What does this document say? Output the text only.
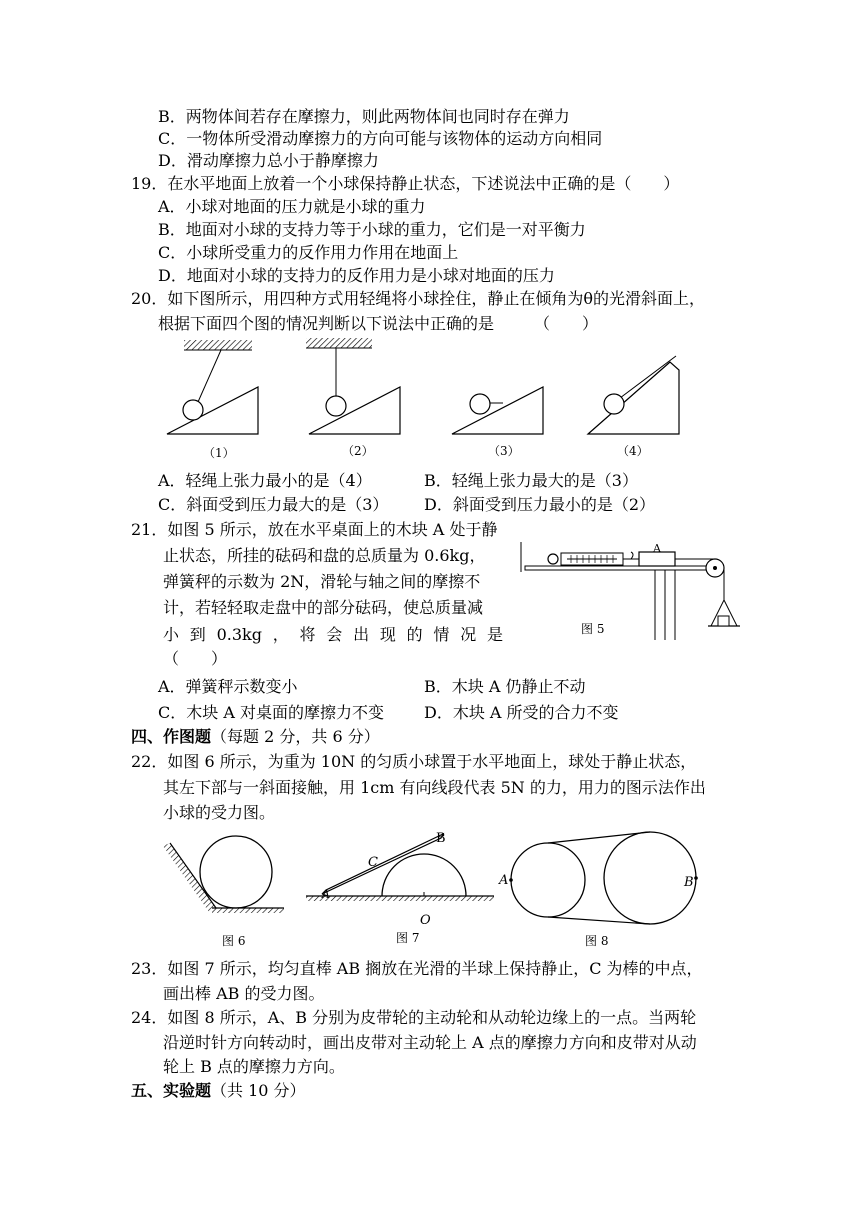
B．两物体间若存在摩擦力，则此两物体间也同时存在弹力
C．一物体所受滑动摩擦力的方向可能与该物体的运动方向相同
D．滑动摩擦力总小于静摩擦力
19．在水平地面上放着一个小球保持静止状态，下述说法中正确的是（　　）
A．小球对地面的压力就是小球的重力
B．地面对小球的支持力等于小球的重力，它们是一对平衡力
C．小球所受重力的反作用力作用在地面上
D．地面对小球的支持力的反作用力是小球对地面的压力
20．如下图所示，用四种方式用轻绳将小球拴住，静止在倾角为θ的光滑斜面上，
根据下面四个图的情况判断以下说法中正确的是　　　（　　）
（1）	（2）	（3）	（4）
A．轻绳上张力最小的是（4）	B．轻绳上张力最大的是（3）
C．斜面受到压力最大的是（3） D．斜面受到压力最小的是（2）
21．如图 5 所示，放在水平桌面上的木块 A 处于静
止状态，所挂的砝码和盘的总质量为 0.6kg，
弹簧秤的示数为 2N，滑轮与轴之间的摩擦不
计，若轻轻取走盘中的部分砝码，使总质量减
小 到 0.3kg ， 将 会 出 现 的 情 况 是
（　　）
A
图 5
A．弹簧秤示数变小	B．木块 A 仍静止不动
C．木块 A 对桌面的摩擦力不变	D．木块 A 所受的合力不变
四、作图题（每题 2 分，共 6 分）
22．如图 6 所示，为重为 10N 的匀质小球置于水平地面上，球处于静止状态，
其左下部与一斜面接触，用 1cm 有向线段代表 5N 的力，用力的图示法作出
小球的受力图。
B
C
A
O
A	B
图 6	图 7	图 8
23．如图 7 所示，均匀直棒 AB 搁放在光滑的半球上保持静止，C 为棒的中点，
画出棒 AB 的受力图。
24．如图 8 所示，A、B 分别为皮带轮的主动轮和从动轮边缘上的一点。当两轮
沿逆时针方向转动时，画出皮带对主动轮上 A 点的摩擦力方向和皮带对从动
轮上 B 点的摩擦力方向。
五、实验题（共 10 分）
